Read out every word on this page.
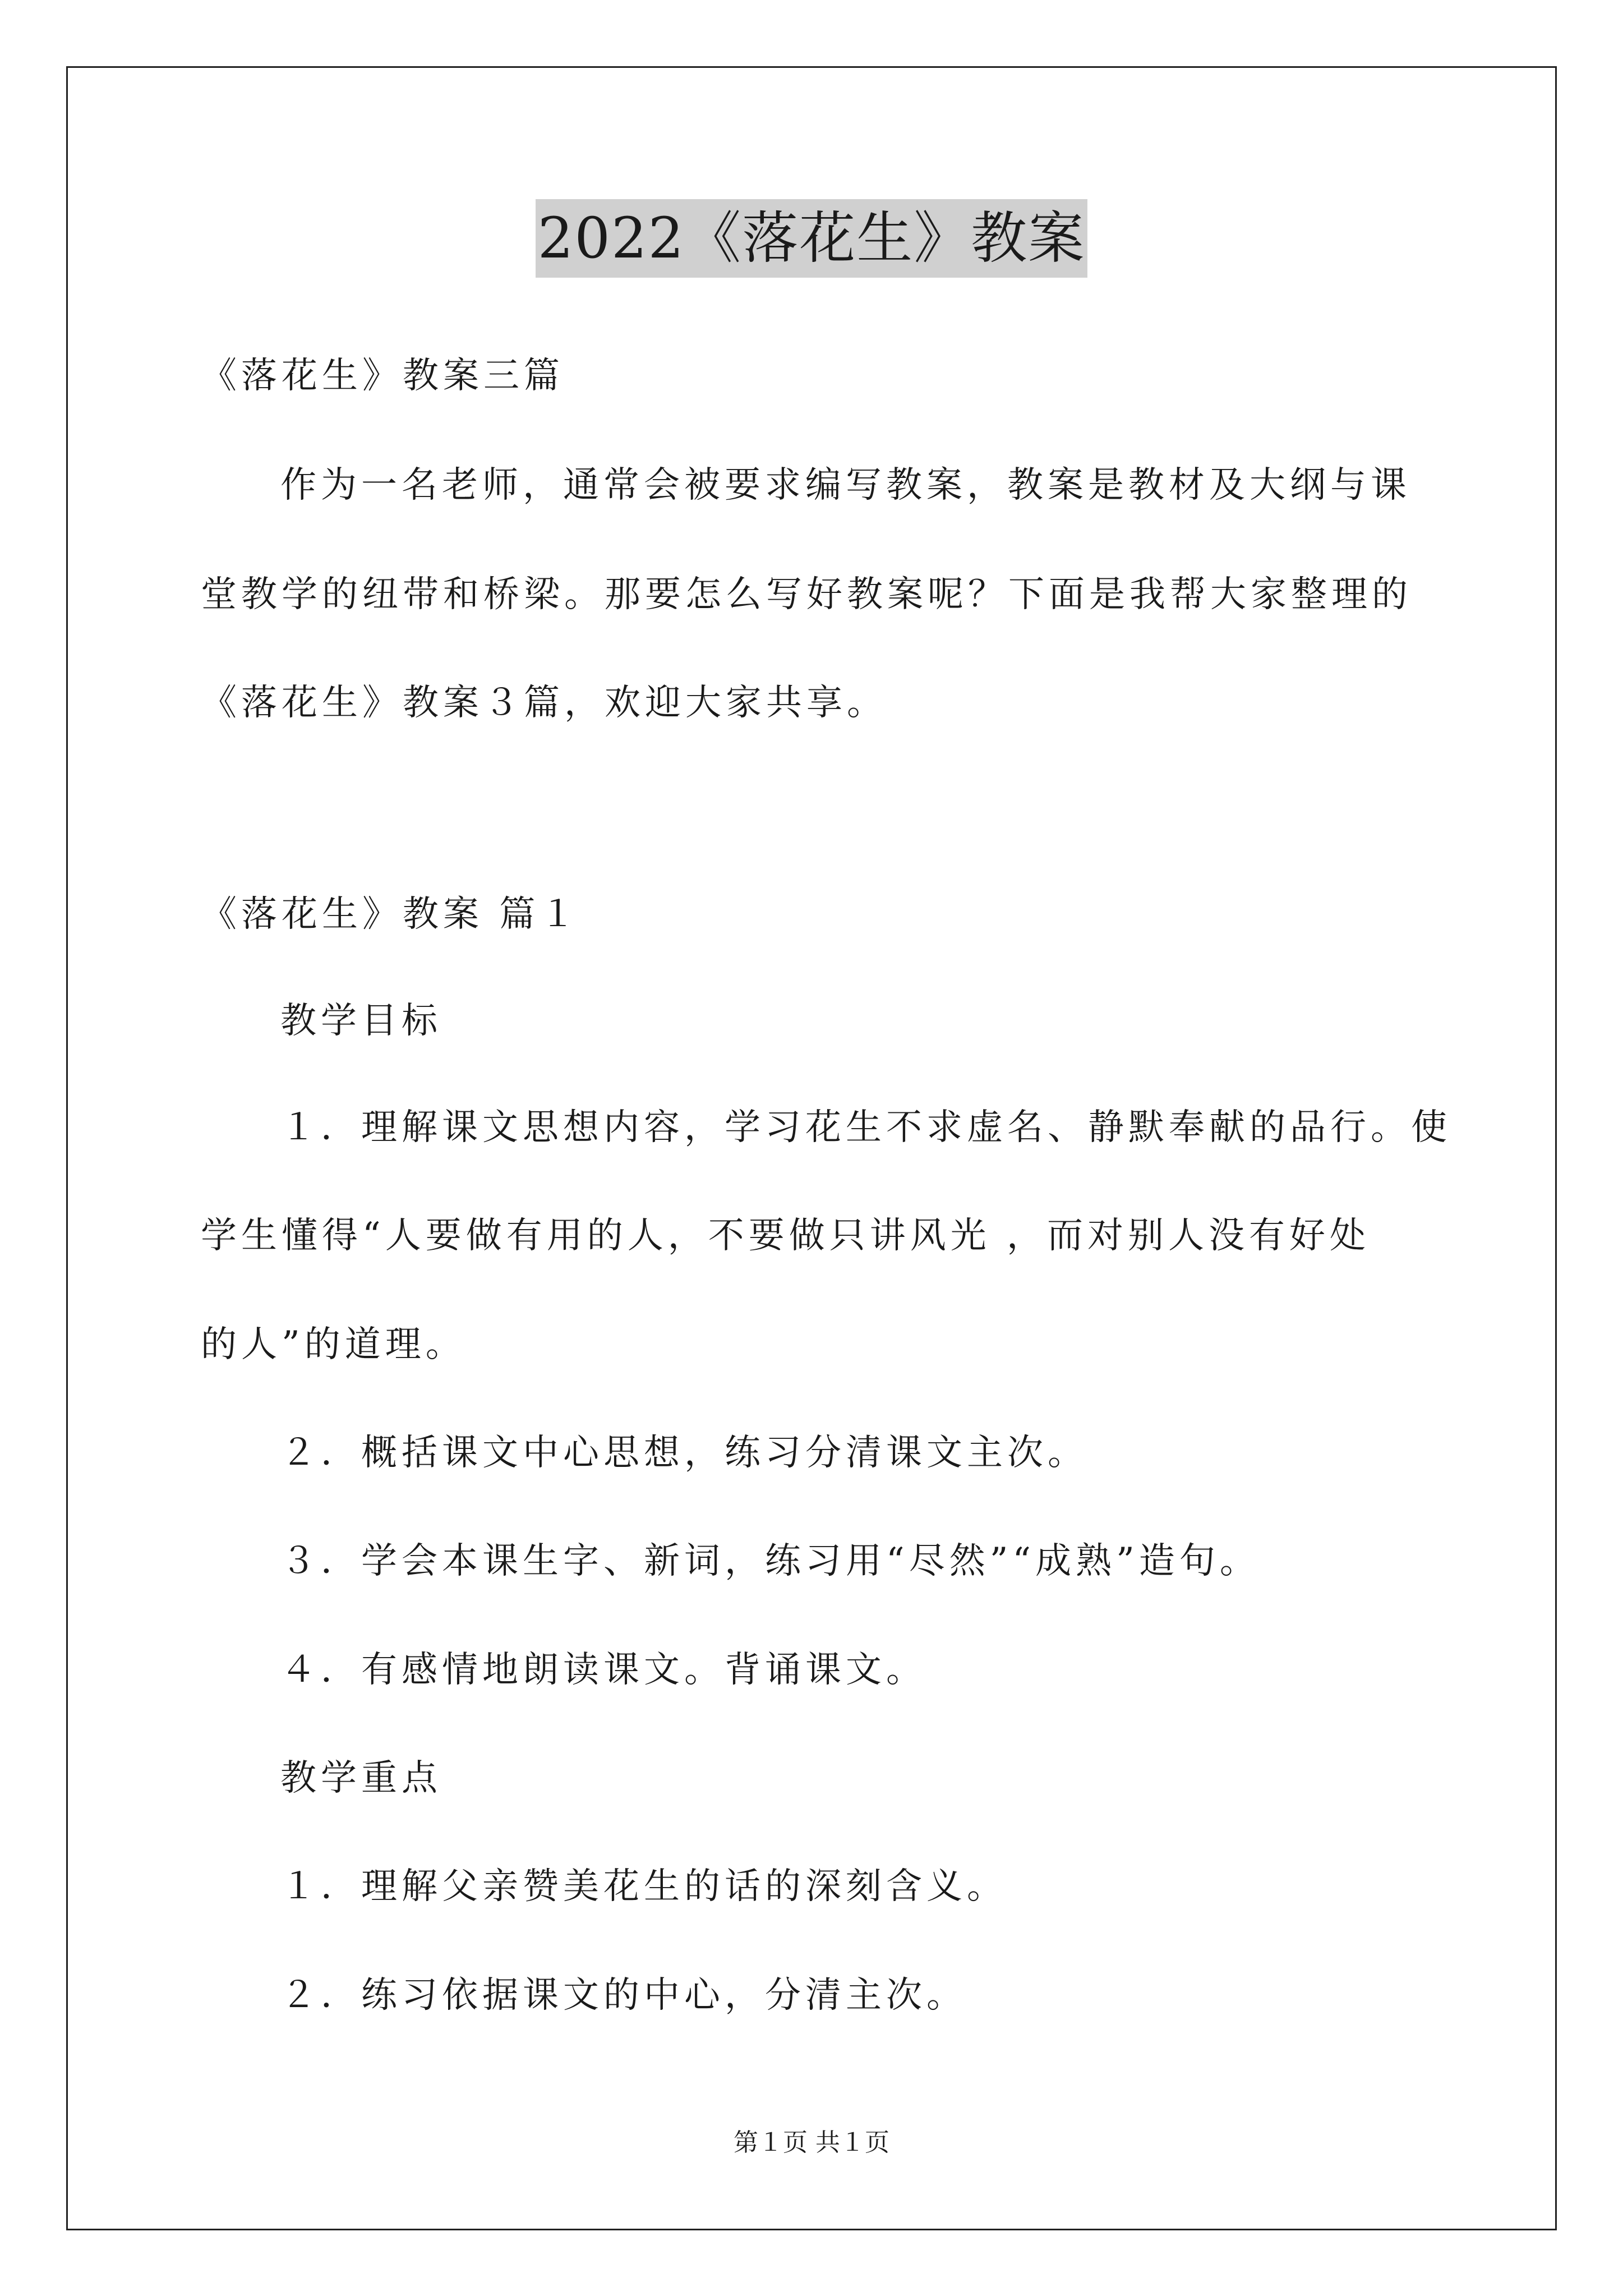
2022《落花生》教案
《落花生》教案三篇
作为一名老师，通常会被要求编写教案，教案是教材及大纲与课
堂教学的纽带和桥梁。那要怎么写好教案呢？下面是我帮大家整理的
《落花生》教案３篇，欢迎大家共享。
《落花生》教案 篇１
教学目标
１．理解课文思想内容，学习花生不求虚名、静默奉献的品行。使
学生懂得“人要做有用的人，不要做只讲风光 ，而对别人没有好处
的人”的道理。
２．概括课文中心思想，练习分清课文主次。
３．学会本课生字、新词，练习用“尽然”“成熟”造句。
４．有感情地朗读课文。背诵课文。
教学重点
１．理解父亲赞美花生的话的深刻含义。
２．练习依据课文的中心，分清主次。
第１页 共１页
